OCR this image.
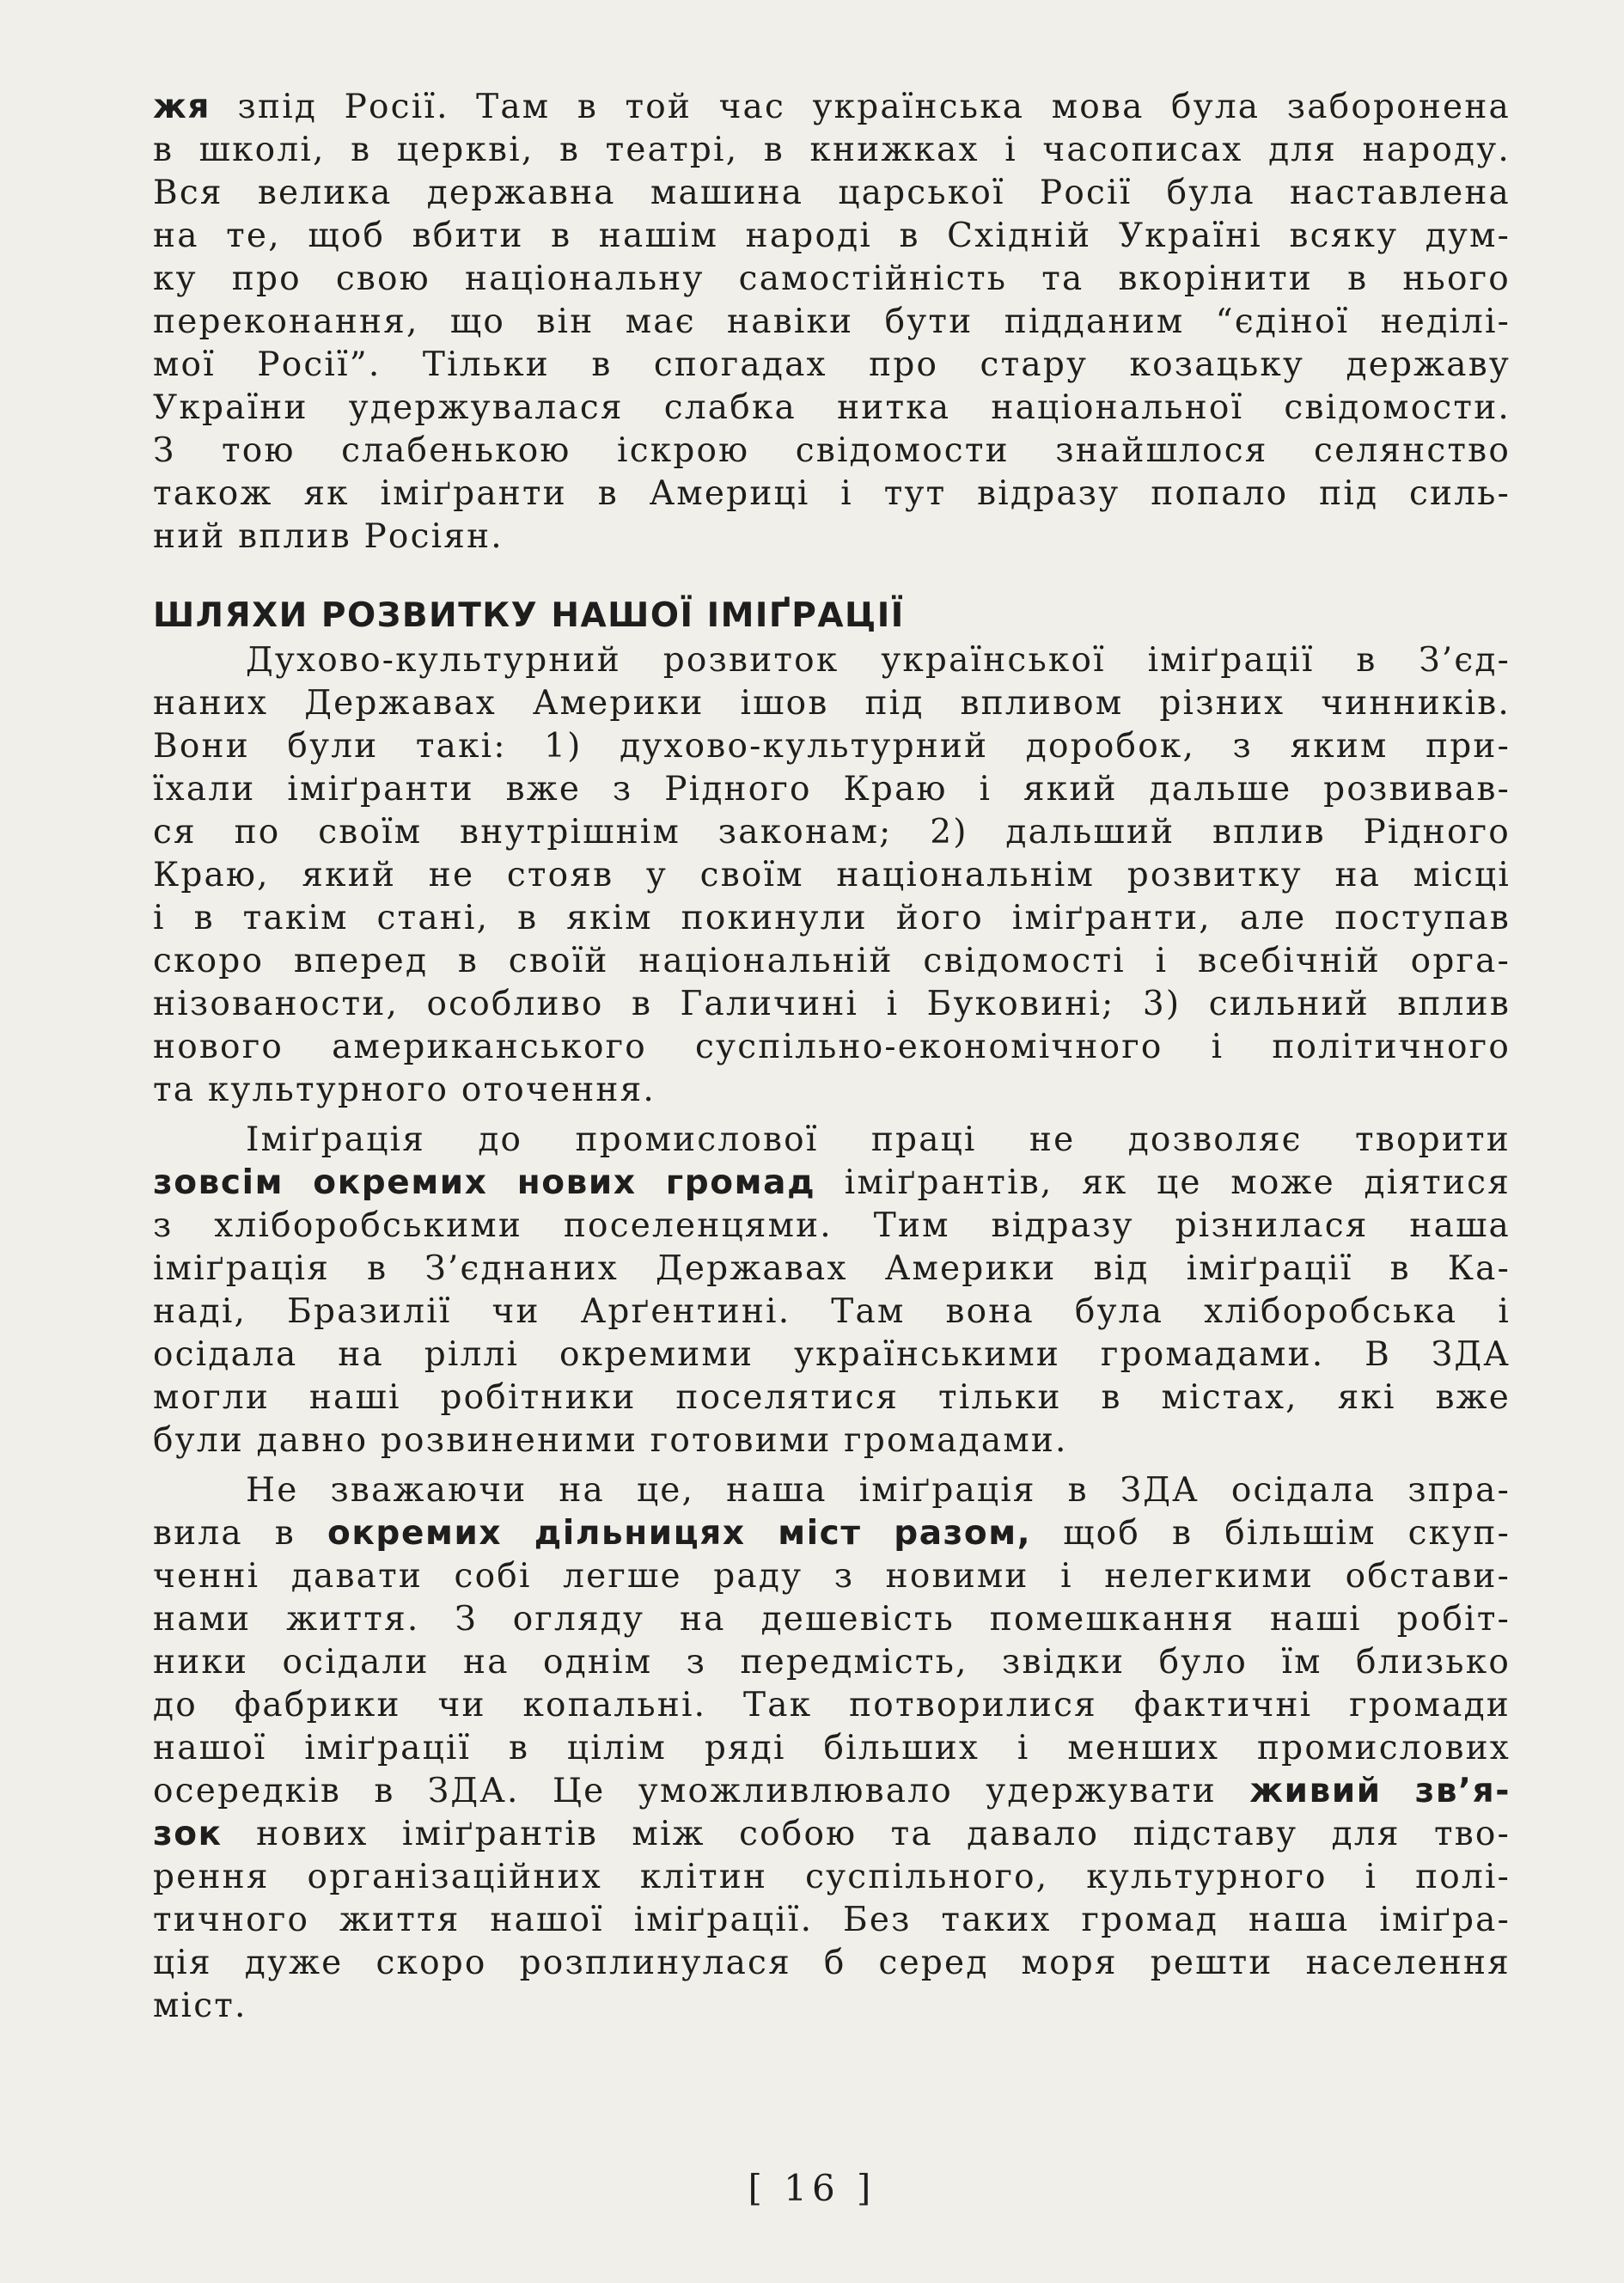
жя зпід Росії. Там в той час українська мова була заборонена
в школі, в церкві, в театрі, в книжках і часописах для народу.
Вся велика державна машина царської Росії була наставлена
на те, щоб вбити в нашім народі в Східній Україні всяку дум-
ку про свою національну самостійність та вкорінити в нього
переконання, що він має навіки бути підданим “єдіної неділі-
мої Росії”. Тільки в спогадах про стару козацьку державу
України удержувалася слабка нитка національної свідомости.
З тою слабенькою іскрою свідомости знайшлося селянство
також як іміґранти в Америці і тут відразу попало під силь-
ний вплив Росіян.
ШЛЯХИ РОЗВИТКУ НАШОЇ ІМІҐРАЦІЇ
Духово-культурний розвиток української іміґрації в З’єд-
наних Державах Америки ішов під впливом різних чинників.
Вони були такі: 1) духово-культурний доробок, з яким при-
їхали іміґранти вже з Рідного Краю і який дальше розвивав-
ся по своїм внутрішнім законам; 2) дальший вплив Рідного
Краю, який не стояв у своїм національнім розвитку на місці
і в такім стані, в якім покинули його іміґранти, але поступав
скоро вперед в своїй національній свідомості і всебічній орга-
нізованости, особливо в Галичині і Буковині; 3) сильний вплив
нового американського суспільно-економічного і політичного
та культурного оточення.
Іміґрація до промислової праці не дозволяє творити
зовсім окремих нових громад іміґрантів, як це може діятися
з хліборобськими поселенцями. Тим відразу різнилася наша
іміґрація в З’єднаних Державах Америки від іміґрації в Ка-
наді, Бразилії чи Арґентині. Там вона була хліборобська і
осідала на ріллі окремими українськими громадами. В ЗДА
могли наші робітники поселятися тільки в містах, які вже
були давно розвиненими готовими громадами.
Не зважаючи на це, наша іміґрація в ЗДА осідала зпра-
вила в окремих дільницях міст разом, щоб в більшім скуп-
ченні давати собі легше раду з новими і нелегкими обстави-
нами життя. З огляду на дешевість помешкання наші робіт-
ники осідали на однім з передмість, звідки було їм близько
до фабрики чи копальні. Так потворилися фактичні громади
нашої іміґрації в цілім ряді більших і менших промислових
осередків в ЗДА. Це уможливлювало удержувати живий зв’я-
зок нових іміґрантів між собою та давало підставу для тво-
рення організаційних клітин суспільного, культурного і полі-
тичного життя нашої іміґрації. Без таких громад наша іміґра-
ція дуже скоро розплинулася б серед моря решти населення
міст.
[ 16 ]
